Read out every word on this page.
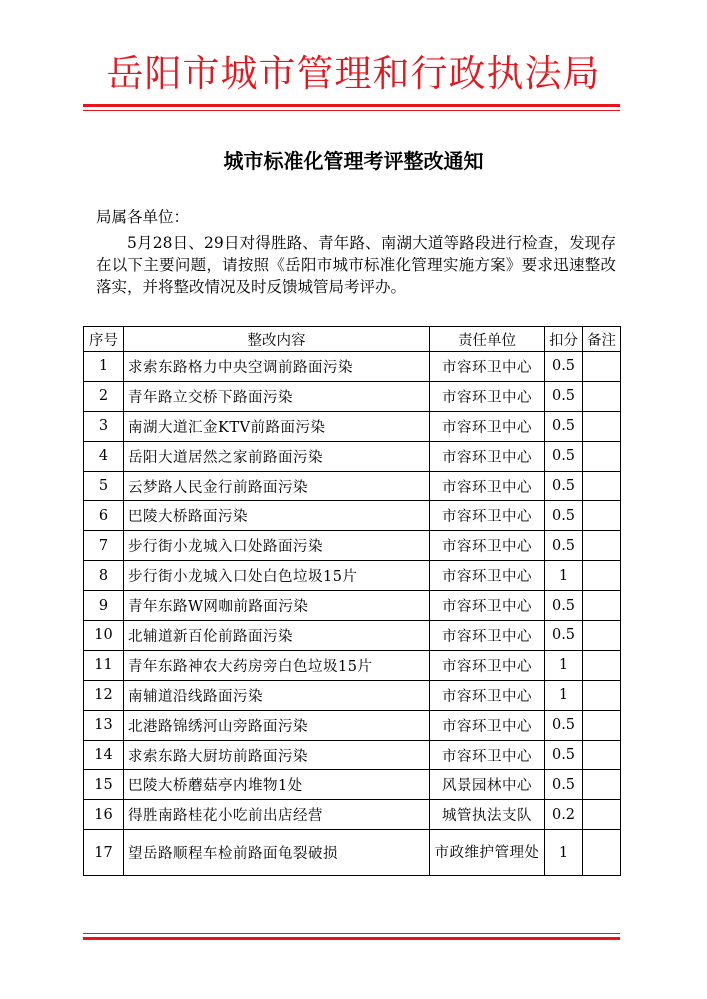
岳阳市城市管理和行政执法局
城市标准化管理考评整改通知
局属各单位：

5月28日、29日对得胜路、青年路、南湖大道等路段进行检查，发现存在以下主要问题，请按照《岳阳市城市标准化管理实施方案》要求迅速整改落实，并将整改情况及时反馈城管局考评办。

序号	整改内容	责任单位	扣分	备注
1	求索东路格力中央空调前路面污染	市容环卫中心	0.5	
2	青年路立交桥下路面污染	市容环卫中心	0.5	
3	南湖大道汇金KTV前路面污染	市容环卫中心	0.5	
4	岳阳大道居然之家前路面污染	市容环卫中心	0.5	
5	云梦路人民金行前路面污染	市容环卫中心	0.5	
6	巴陵大桥路面污染	市容环卫中心	0.5	
7	步行街小龙城入口处路面污染	市容环卫中心	0.5	
8	步行街小龙城入口处白色垃圾15片	市容环卫中心	1	
9	青年东路W网咖前路面污染	市容环卫中心	0.5	
10	北辅道新百伦前路面污染	市容环卫中心	0.5	
11	青年东路神农大药房旁白色垃圾15片	市容环卫中心	1	
12	南辅道沿线路面污染	市容环卫中心	1	
13	北港路锦绣河山旁路面污染	市容环卫中心	0.5	
14	求索东路大厨坊前路面污染	市容环卫中心	0.5	
15	巴陵大桥蘑菇亭内堆物1处	风景园林中心	0.5	
16	得胜南路桂花小吃前出店经营	城管执法支队	0.2	
17	望岳路顺程车检前路面龟裂破损	市政维护管理处	1	
